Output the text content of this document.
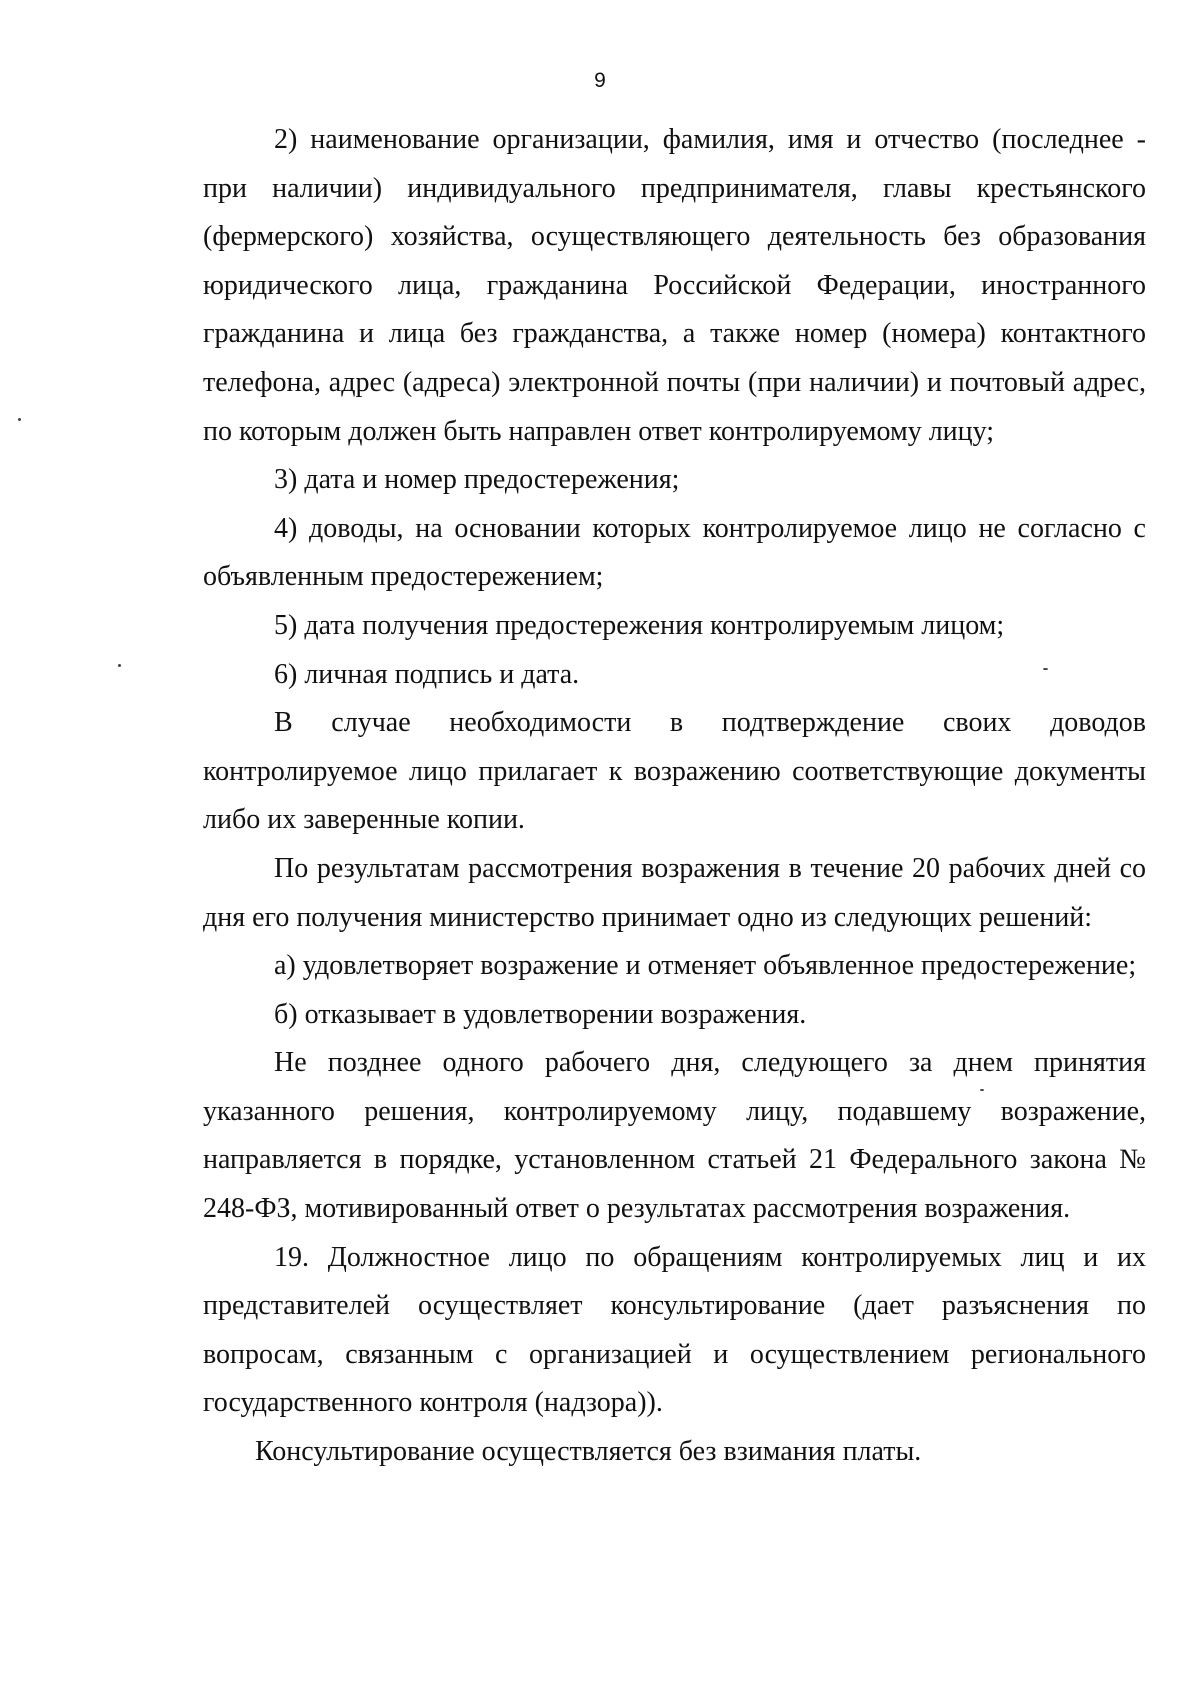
9

2) наименование организации, фамилия, имя и отчество (последнее - при наличии) индивидуального предпринимателя, главы крестьянского (фермерского) хозяйства, осуществляющего деятельность без образования юридического лица, гражданина Российской Федерации, иностранного гражданина и лица без гражданства, а также номер (номера) контактного телефона, адрес (адреса) электронной почты (при наличии) и почтовый адрес, по которым должен быть направлен ответ контролируемому лицу;

3) дата и номер предостережения;

4) доводы, на основании которых контролируемое лицо не согласно с объявленным предостережением;

5) дата получения предостережения контролируемым лицом;

6) личная подпись и дата.

В случае необходимости в подтверждение своих доводов контролируемое лицо прилагает к возражению соответствующие документы либо их заверенные копии.

По результатам рассмотрения возражения в течение 20 рабочих дней со дня его получения министерство принимает одно из следующих решений:

а) удовлетворяет возражение и отменяет объявленное предостережение;

б) отказывает в удовлетворении возражения.

Не позднее одного рабочего дня, следующего за днем принятия указанного решения, контролируемому лицу, подавшему возражение, направляется в порядке, установленном статьей 21 Федерального закона № 248-ФЗ, мотивированный ответ о результатах рассмотрения возражения.

19. Должностное лицо по обращениям контролируемых лиц и их представителей осуществляет консультирование (дает разъяснения по вопросам, связанным с организацией и осуществлением регионального государственного контроля (надзора)).

Консультирование осуществляется без взимания платы.
